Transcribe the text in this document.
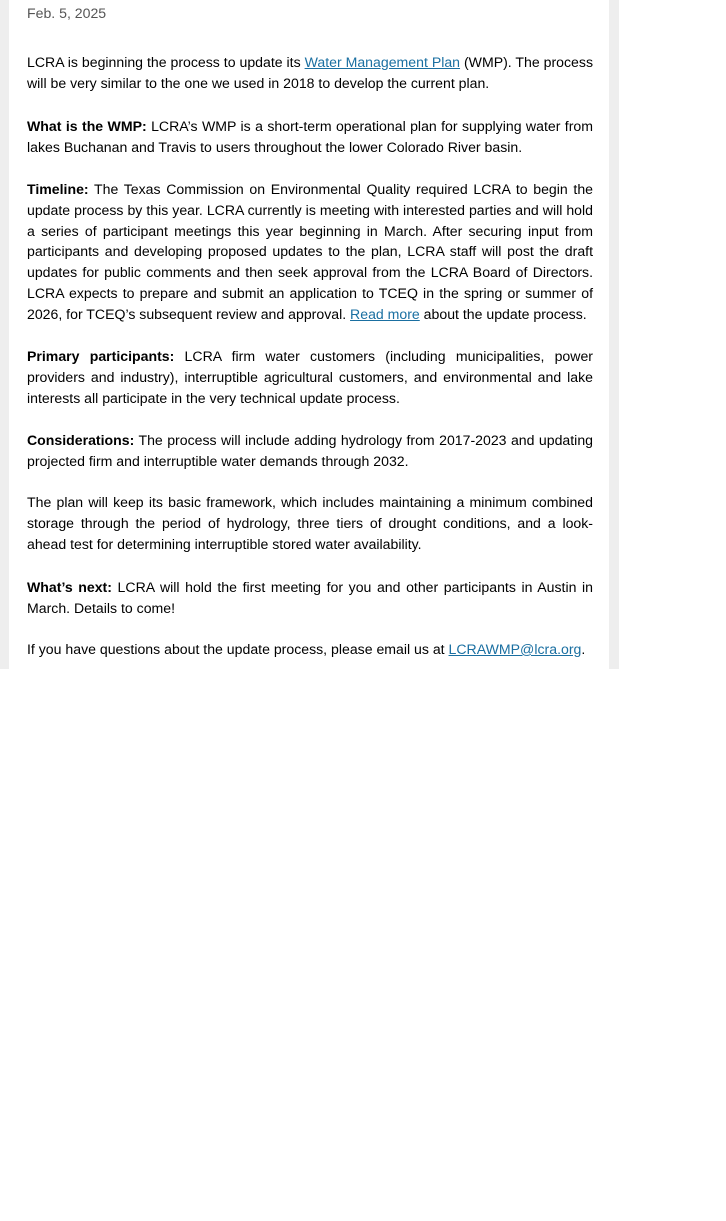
Feb. 5, 2025

LCRA is beginning the process to update its Water Management Plan (WMP). The process will be very similar to the one we used in 2018 to develop the current plan.

What is the WMP: LCRA’s WMP is a short-term operational plan for supplying water from lakes Buchanan and Travis to users throughout the lower Colorado River basin.

Timeline: The Texas Commission on Environmental Quality required LCRA to begin the update process by this year. LCRA currently is meeting with interested parties and will hold a series of participant meetings this year beginning in March. After securing input from participants and developing proposed updates to the plan, LCRA staff will post the draft updates for public comments and then seek approval from the LCRA Board of Directors. LCRA expects to prepare and submit an application to TCEQ in the spring or summer of 2026, for TCEQ’s subsequent review and approval. Read more about the update process.

Primary participants: LCRA firm water customers (including municipalities, power providers and industry), interruptible agricultural customers, and environmental and lake interests all participate in the very technical update process.

Considerations: The process will include adding hydrology from 2017-2023 and updating projected firm and interruptible water demands through 2032.

The plan will keep its basic framework, which includes maintaining a minimum combined storage through the period of hydrology, three tiers of drought conditions, and a look-ahead test for determining interruptible stored water availability.

What’s next: LCRA will hold the first meeting for you and other participants in Austin in March. Details to come!

If you have questions about the update process, please email us at LCRAWMP@lcra.org.
